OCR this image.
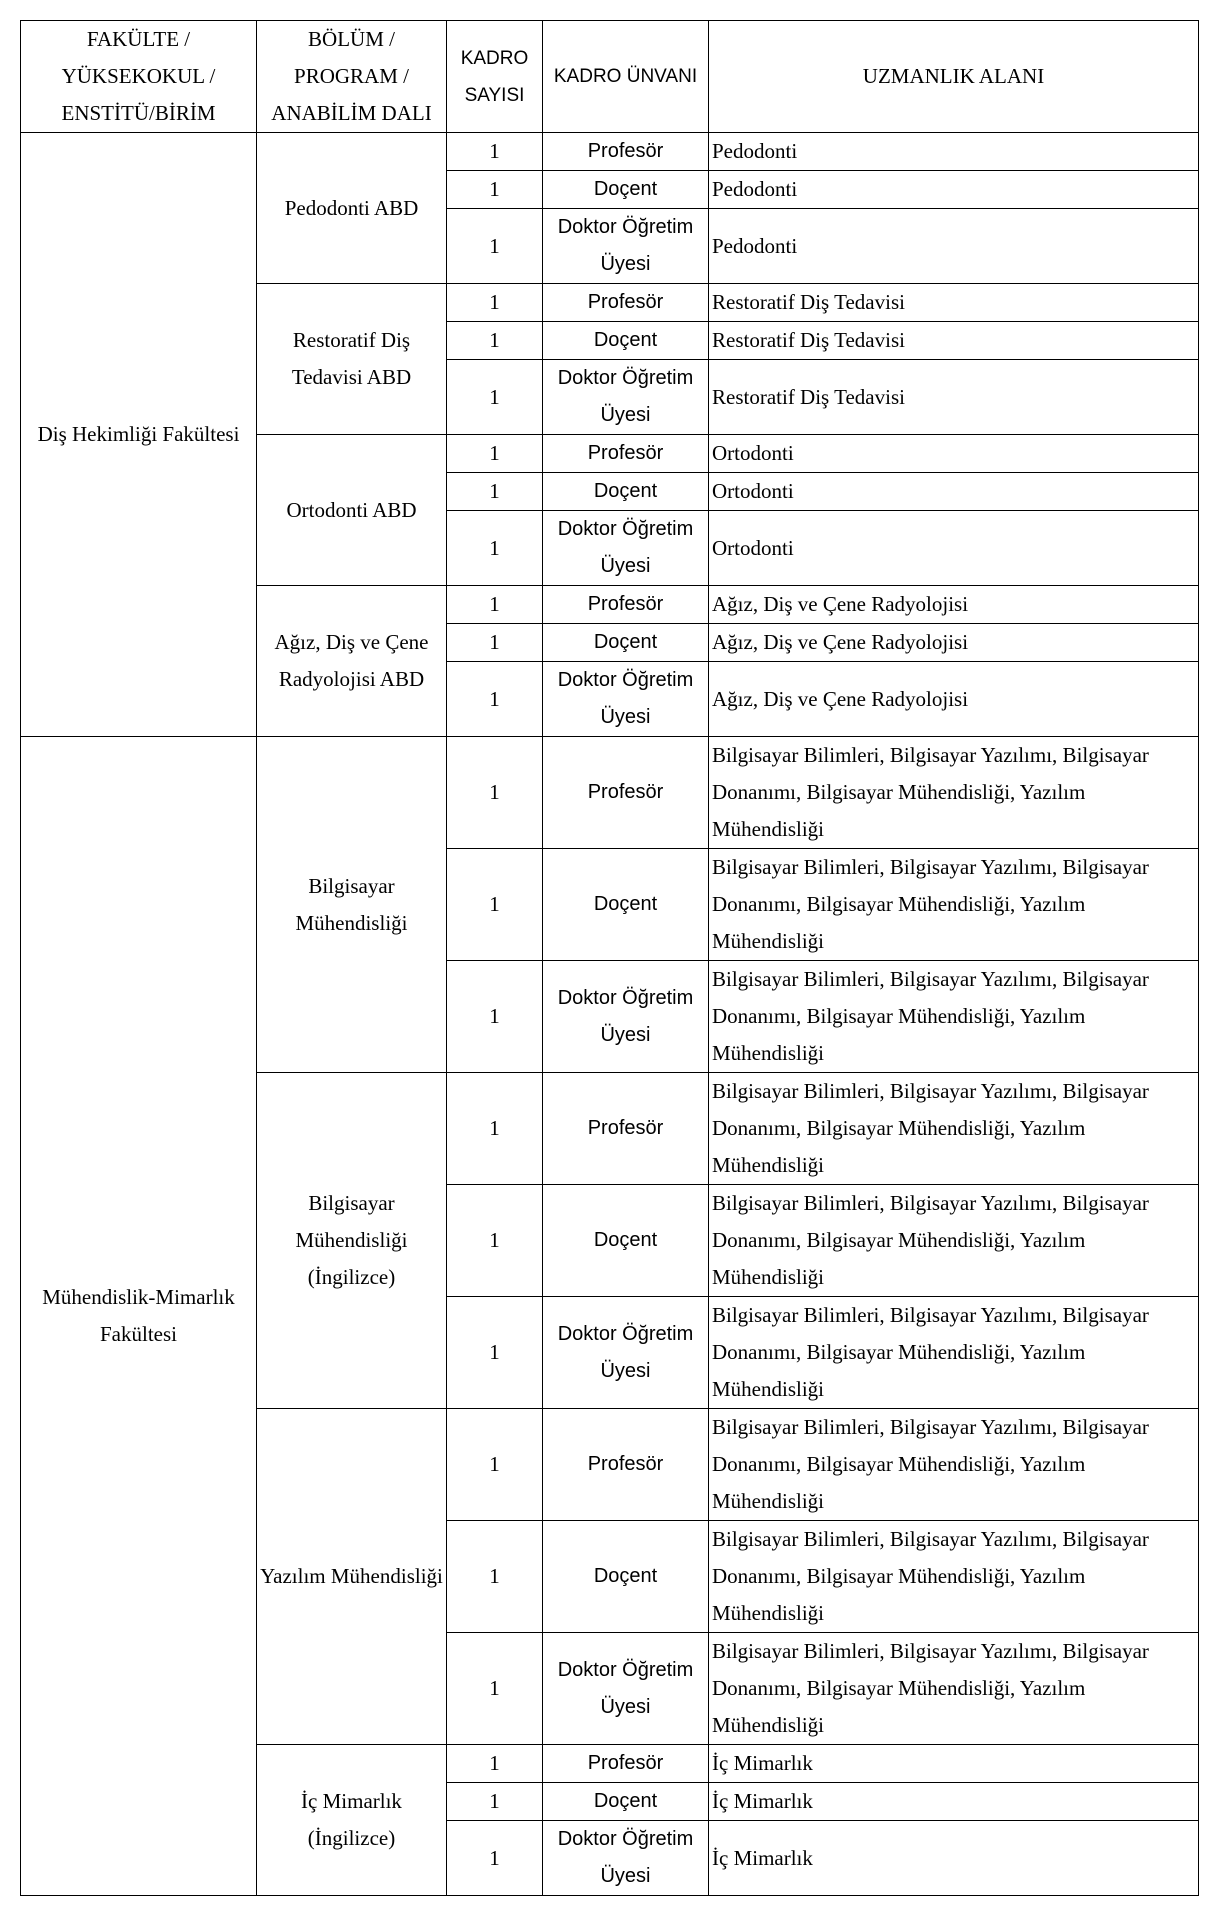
FAKÜLTE / YÜKSEKOKUL / ENSTİTÜ/BİRİM	BÖLÜM / PROGRAM / ANABİLİM DALI	KADRO SAYISI	KADRO ÜNVANI	UZMANLIK ALANI
Diş Hekimliği Fakültesi	Pedodonti ABD	1	Profesör	Pedodonti
		1	Doçent	Pedodonti
		1	Doktor Öğretim Üyesi	Pedodonti
	Restoratif Diş Tedavisi ABD	1	Profesör	Restoratif Diş Tedavisi
		1	Doçent	Restoratif Diş Tedavisi
		1	Doktor Öğretim Üyesi	Restoratif Diş Tedavisi
	Ortodonti ABD	1	Profesör	Ortodonti
		1	Doçent	Ortodonti
		1	Doktor Öğretim Üyesi	Ortodonti
	Ağız, Diş ve Çene Radyolojisi ABD	1	Profesör	Ağız, Diş ve Çene Radyolojisi
		1	Doçent	Ağız, Diş ve Çene Radyolojisi
		1	Doktor Öğretim Üyesi	Ağız, Diş ve Çene Radyolojisi
Mühendislik-Mimarlık Fakültesi	Bilgisayar Mühendisliği	1	Profesör	Bilgisayar Bilimleri, Bilgisayar Yazılımı, Bilgisayar Donanımı, Bilgisayar Mühendisliği, Yazılım Mühendisliği
		1	Doçent	Bilgisayar Bilimleri, Bilgisayar Yazılımı, Bilgisayar Donanımı, Bilgisayar Mühendisliği, Yazılım Mühendisliği
		1	Doktor Öğretim Üyesi	Bilgisayar Bilimleri, Bilgisayar Yazılımı, Bilgisayar Donanımı, Bilgisayar Mühendisliği, Yazılım Mühendisliği
	Bilgisayar Mühendisliği (İngilizce)	1	Profesör	Bilgisayar Bilimleri, Bilgisayar Yazılımı, Bilgisayar Donanımı, Bilgisayar Mühendisliği, Yazılım Mühendisliği
		1	Doçent	Bilgisayar Bilimleri, Bilgisayar Yazılımı, Bilgisayar Donanımı, Bilgisayar Mühendisliği, Yazılım Mühendisliği
		1	Doktor Öğretim Üyesi	Bilgisayar Bilimleri, Bilgisayar Yazılımı, Bilgisayar Donanımı, Bilgisayar Mühendisliği, Yazılım Mühendisliği
	Yazılım Mühendisliği	1	Profesör	Bilgisayar Bilimleri, Bilgisayar Yazılımı, Bilgisayar Donanımı, Bilgisayar Mühendisliği, Yazılım Mühendisliği
		1	Doçent	Bilgisayar Bilimleri, Bilgisayar Yazılımı, Bilgisayar Donanımı, Bilgisayar Mühendisliği, Yazılım Mühendisliği
		1	Doktor Öğretim Üyesi	Bilgisayar Bilimleri, Bilgisayar Yazılımı, Bilgisayar Donanımı, Bilgisayar Mühendisliği, Yazılım Mühendisliği
	İç Mimarlık (İngilizce)	1	Profesör	İç Mimarlık
		1	Doçent	İç Mimarlık
		1	Doktor Öğretim Üyesi	İç Mimarlık
